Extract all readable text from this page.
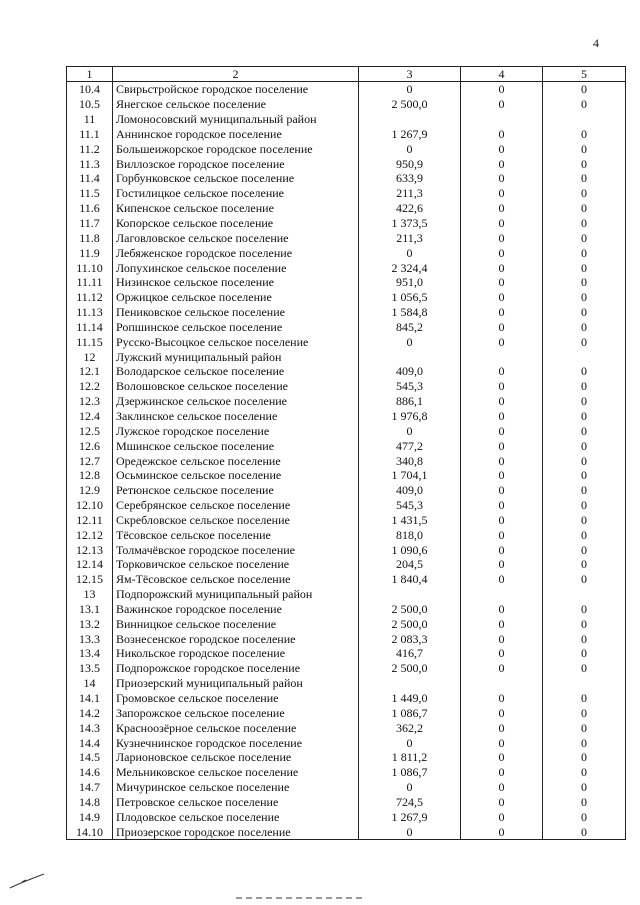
4
1	2	3	4	5
10.4	Свирьстройское городское поселение	0	0	0
10.5	Янегское сельское поселение	2 500,0	0	0
11	Ломоносовский муниципальный район			
11.1	Аннинское городское поселение	1 267,9	0	0
11.2	Большеижорское городское поселение	0	0	0
11.3	Виллозское городское поселение	950,9	0	0
11.4	Горбунковское сельское поселение	633,9	0	0
11.5	Гостилицкое сельское поселение	211,3	0	0
11.6	Кипенское сельское поселение	422,6	0	0
11.7	Копорское сельское поселение	1 373,5	0	0
11.8	Лаговловское сельское поселение	211,3	0	0
11.9	Лебяженское городское поселение	0	0	0
11.10	Лопухинское сельское поселение	2 324,4	0	0
11.11	Низинское сельское поселение	951,0	0	0
11.12	Оржицкое сельское поселение	1 056,5	0	0
11.13	Пениковское сельское поселение	1 584,8	0	0
11.14	Ропшинское сельское поселение	845,2	0	0
11.15	Русско-Высоцкое сельское поселение	0	0	0
12	Лужский муниципальный район			
12.1	Володарское сельское поселение	409,0	0	0
12.2	Волошовское сельское поселение	545,3	0	0
12.3	Дзержинское сельское поселение	886,1	0	0
12.4	Заклинское сельское поселение	1 976,8	0	0
12.5	Лужское городское поселение	0	0	0
12.6	Мшинское сельское поселение	477,2	0	0
12.7	Оредежское сельское поселение	340,8	0	0
12.8	Осьминское сельское поселение	1 704,1	0	0
12.9	Ретюнское сельское поселение	409,0	0	0
12.10	Серебрянское сельское поселение	545,3	0	0
12.11	Скребловское сельское поселение	1 431,5	0	0
12.12	Тёсовское сельское поселение	818,0	0	0
12.13	Толмачёвское городское поселение	1 090,6	0	0
12.14	Торковичское сельское поселение	204,5	0	0
12.15	Ям-Тёсовское сельское поселение	1 840,4	0	0
13	Подпорожский муниципальный район			
13.1	Важинское городское поселение	2 500,0	0	0
13.2	Винницкое сельское поселение	2 500,0	0	0
13.3	Вознесенское городское поселение	2 083,3	0	0
13.4	Никольское городское поселение	416,7	0	0
13.5	Подпорожское городское поселение	2 500,0	0	0
14	Приозерский муниципальный район			
14.1	Громовское сельское поселение	1 449,0	0	0
14.2	Запорожское сельское поселение	1 086,7	0	0
14.3	Красноозёрное сельское поселение	362,2	0	0
14.4	Кузнечнинское городское поселение	0	0	0
14.5	Ларионовское сельское поселение	1 811,2	0	0
14.6	Мельниковское сельское поселение	1 086,7	0	0
14.7	Мичуринское сельское поселение	0	0	0
14.8	Петровское сельское поселение	724,5	0	0
14.9	Плодовское сельское поселение	1 267,9	0	0
14.10	Приозерское городское поселение	0	0	0
